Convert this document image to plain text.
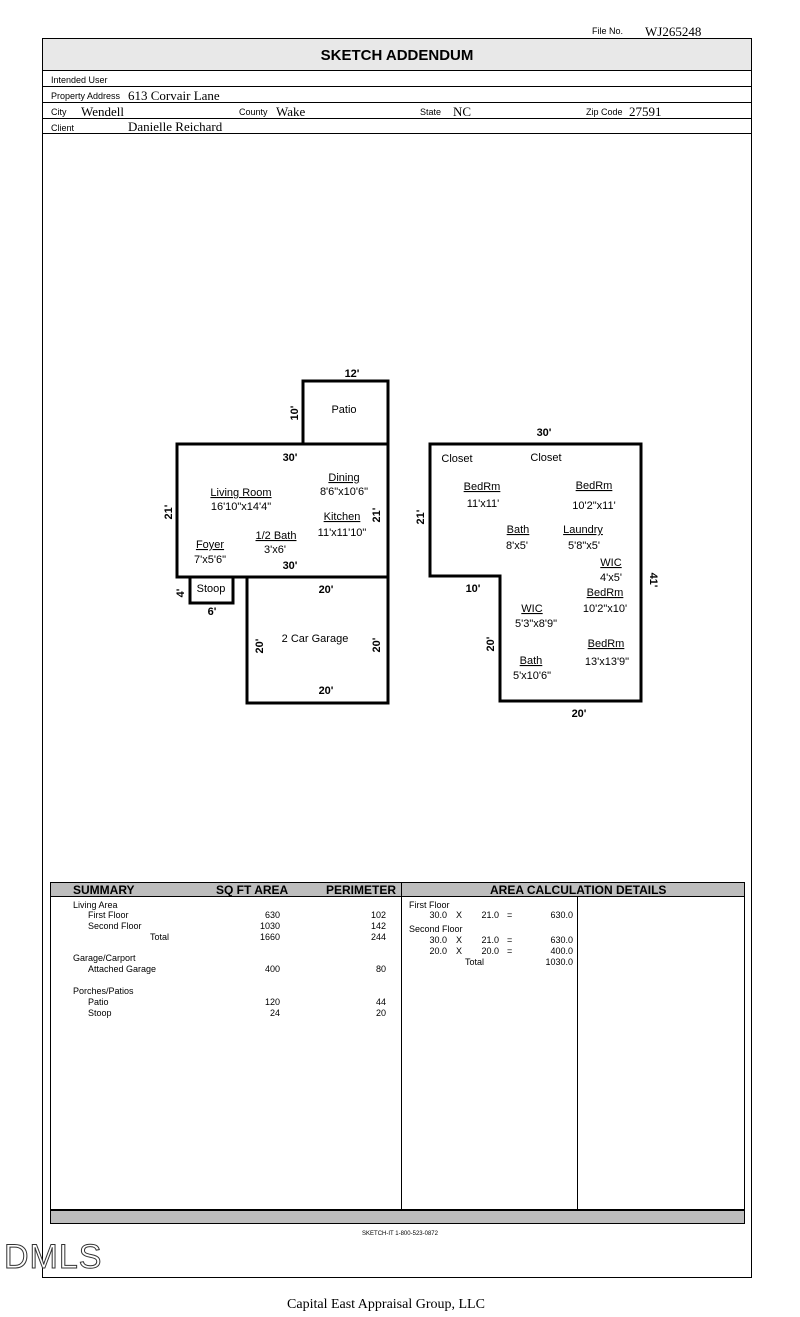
File No. WJ265248
SKETCH ADDENDUM
Intended User
Property Address 613 Corvair Lane
City Wendell	County Wake	State NC	Zip Code 27591
Client	Danielle Reichard
12'
10'	Patio
30'
21'	21'
30'
Dining
8'6"x10'6"
Living Room
16'10"x14'4"
Kitchen
11'x11'10"
1/2 Bath
3'x6'
Foyer
7'x5'6"
Stoop
4'
6'
20'
2 Car Garage
20'	20'
20'
30'
21'
41'
10'
20'
20'
Closet	Closet
BedRm
11'x11'
BedRm
10'2"x11'
Bath
8'x5'
Laundry
5'8"x5'
WIC
4'x5'
BedRm
10'2"x10'
WIC
5'3"x8'9"
BedRm
13'x13'9"
Bath
5'x10'6"
SUMMARY	SQ FT AREA	PERIMETER	AREA CALCULATION DETAILS
Living Area
First Floor	630	102
Second Floor	1030	142
Total	1660	244
Garage/Carport
Attached Garage	400	80
Porches/Patios
Patio	120	44
Stoop	24	20
First Floor
30.0 X	21.0 =	630.0
Second Floor
30.0 X	21.0 =	630.0
20.0 X	20.0 =	400.0
Total	1030.0
SKETCH-IT 1-800-523-0872
DMLS
Capital East Appraisal Group, LLC
